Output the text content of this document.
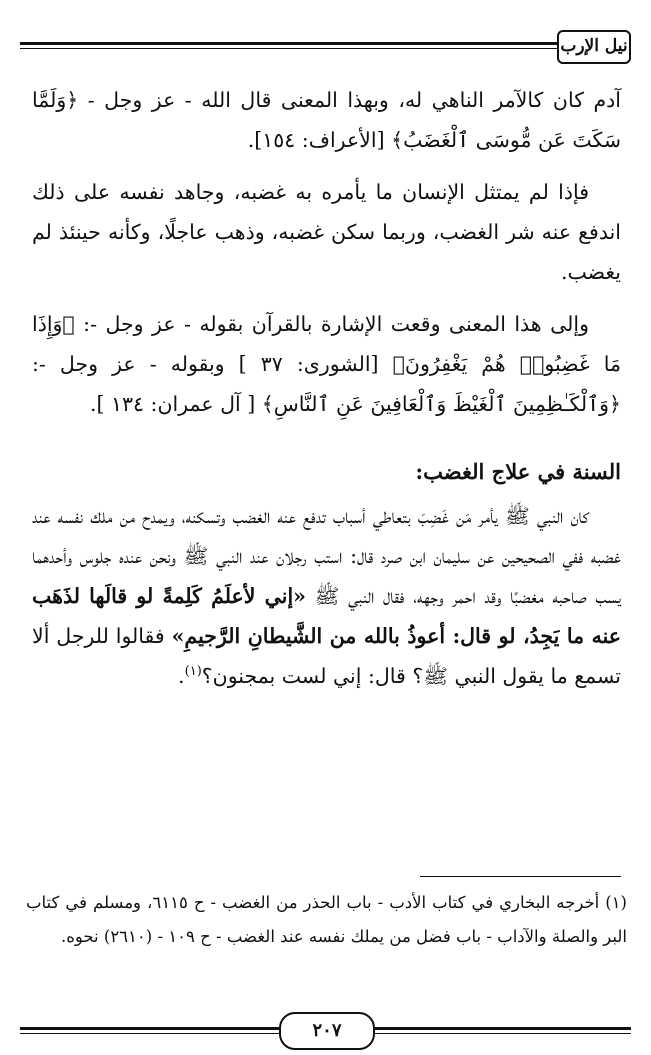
نيل الإرب

آدم كان كالآمر الناهي له، وبهذا المعنى قال الله - عز وجل - ﴿وَلَمَّا سَكَتَ عَن مُّوسَى ٱلْغَضَبُ﴾ [الأعراف: ١٥٤].

فإذا لم يمتثل الإنسان ما يأمره به غضبه، وجاهد نفسه على ذلك اندفع عنه شر الغضب، وربما سكن غضبه، وذهب عاجلًا، وكأنه حينئذ لم يغضب.

وإلى هذا المعنى وقعت الإشارة بالقرآن بقوله - عز وجل -: ﴿وَإِذَا مَا غَضِبُوا۟ هُمْ يَغْفِرُونَ﴾ [الشورى: ٣٧ ] وبقوله - عز وجل -: ﴿وَٱلْكَـٰظِمِينَ ٱلْغَيْظَ وَٱلْعَافِينَ عَنِ ٱلنَّاسِ﴾ [ آل عمران: ١٣٤ ].

السنة في علاج الغضب:

كان النبي ﷺ يأمر مَن غَضِبَ بتعاطي أسباب تدفع عنه الغضب وتسكنه، ويمدح من ملك نفسه عند غضبه ففي الصحيحين عن سليمان ابن صرد قال: استب رجلان عند النبي ﷺ ونحن عنده جلوس وأحدهما يسب صاحبه مغضبًا وقد احمر وجهه، فقال النبي ﷺ «إني لأعلَمُ كَلِمةً لو قالَها لذَهَب عنه ما يَجِدُ، لو قال: أعوذُ بالله من الشَّيطانِ الرَّجيمِ» فقالوا للرجل ألا تسمع ما يقول النبي ﷺ؟ قال: إني لست بمجنون؟$^{(١)}$.

(١) أخرجه البخاري في كتاب الأدب - باب الحذر من الغضب - ح ٦١١٥، ومسلم في كتاب البر والصلة والآداب - باب فضل من يملك نفسه عند الغضب - ح ١٠٩ - (٢٦١٠) نحوه.
٢٠٧
